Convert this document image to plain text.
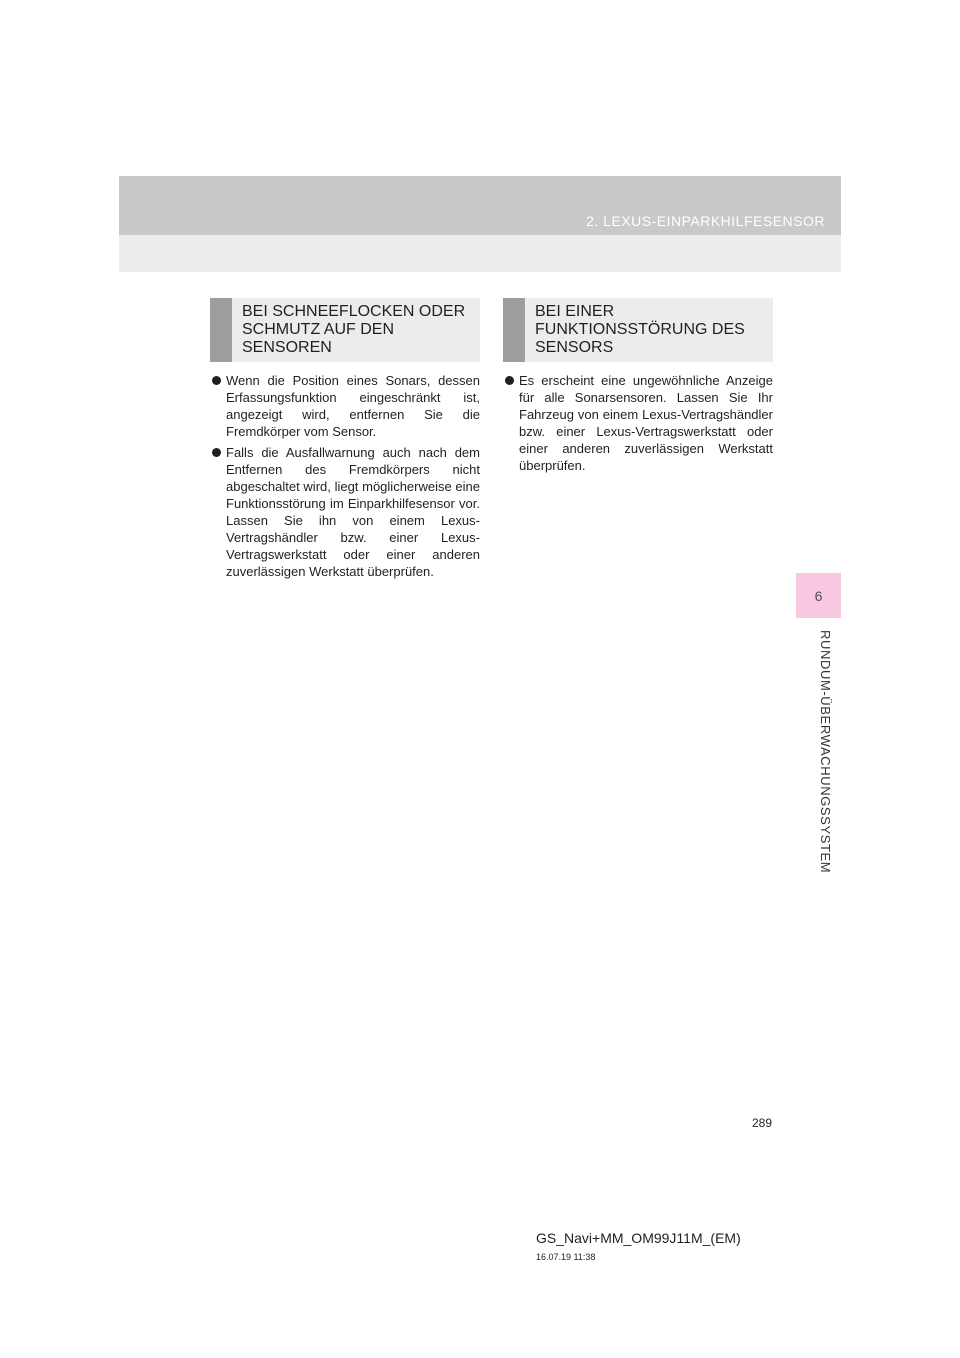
2. LEXUS-EINPARKHILFESENSOR
6
RUNDUM-ÜBERWACHUNGSSYSTEM
BEI SCHNEEFLOCKEN ODER
SCHMUTZ AUF DEN
SENSOREN

Wenn die Position eines Sonars, dessen Erfassungsfunktion eingeschränkt ist, angezeigt wird, entfernen Sie die Fremdkörper vom Sensor.

Falls die Ausfallwarnung auch nach dem Entfernen des Fremdkörpers nicht abgeschaltet wird, liegt möglicherweise eine Funktionsstörung im Einparkhilfesensor vor. Lassen Sie ihn von einem Lexus-Vertragshändler bzw. einer Lexus-Vertragswerkstatt oder einer anderen zuverlässigen Werkstatt überprüfen.

BEI EINER
FUNKTIONSSTÖRUNG DES
SENSORS

Es erscheint eine ungewöhnliche Anzeige für alle Sonarsensoren. Lassen Sie Ihr Fahrzeug von einem Lexus-Vertragshändler bzw. einer Lexus-Vertragswerkstatt oder einer anderen zuverlässigen Werkstatt überprüfen.

289
GS_Navi+MM_OM99J11M_(EM)
16.07.19 11:38
